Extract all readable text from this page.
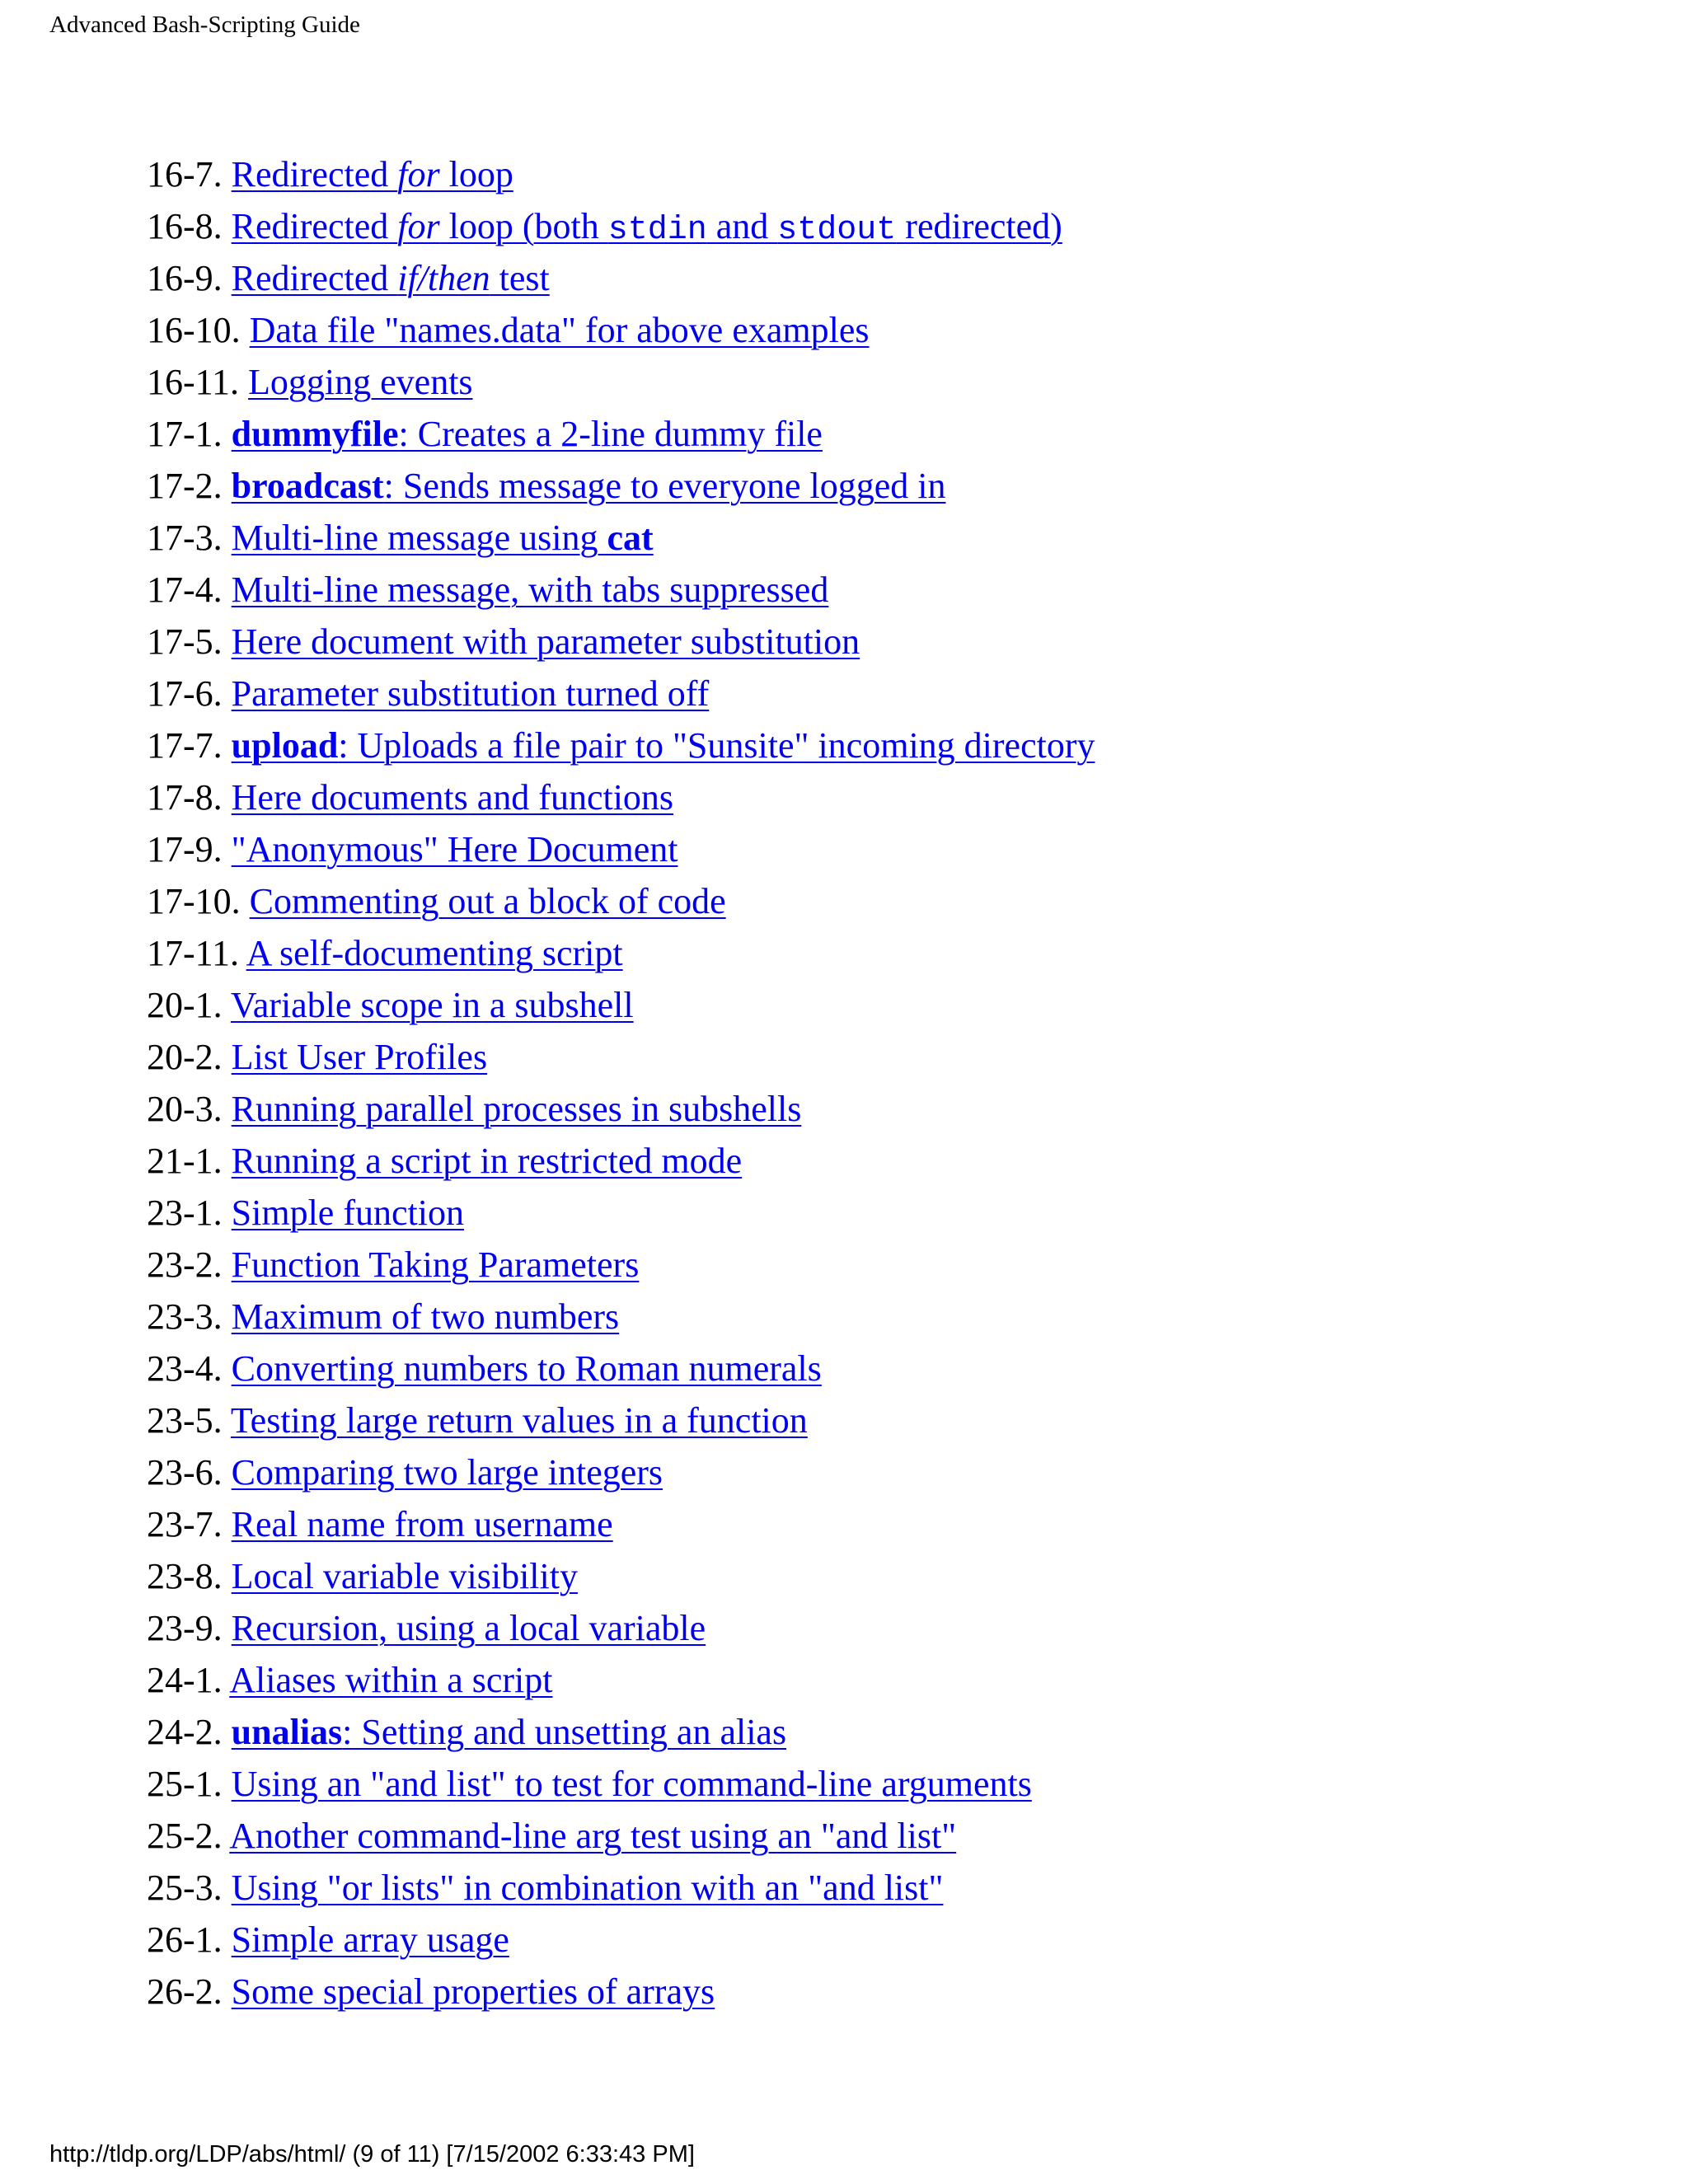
Advanced Bash-Scripting Guide
16-7. Redirected for loop
16-8. Redirected for loop (both stdin and stdout redirected)
16-9. Redirected if/then test
16-10. Data file "names.data" for above examples
16-11. Logging events
17-1. dummyfile: Creates a 2-line dummy file
17-2. broadcast: Sends message to everyone logged in
17-3. Multi-line message using cat
17-4. Multi-line message, with tabs suppressed
17-5. Here document with parameter substitution
17-6. Parameter substitution turned off
17-7. upload: Uploads a file pair to "Sunsite" incoming directory
17-8. Here documents and functions
17-9. "Anonymous" Here Document
17-10. Commenting out a block of code
17-11. A self-documenting script
20-1. Variable scope in a subshell
20-2. List User Profiles
20-3. Running parallel processes in subshells
21-1. Running a script in restricted mode
23-1. Simple function
23-2. Function Taking Parameters
23-3. Maximum of two numbers
23-4. Converting numbers to Roman numerals
23-5. Testing large return values in a function
23-6. Comparing two large integers
23-7. Real name from username
23-8. Local variable visibility
23-9. Recursion, using a local variable
24-1. Aliases within a script
24-2. unalias: Setting and unsetting an alias
25-1. Using an "and list" to test for command-line arguments
25-2. Another command-line arg test using an "and list"
25-3. Using "or lists" in combination with an "and list"
26-1. Simple array usage
26-2. Some special properties of arrays
http://tldp.org/LDP/abs/html/ (9 of 11) [7/15/2002 6:33:43 PM]
